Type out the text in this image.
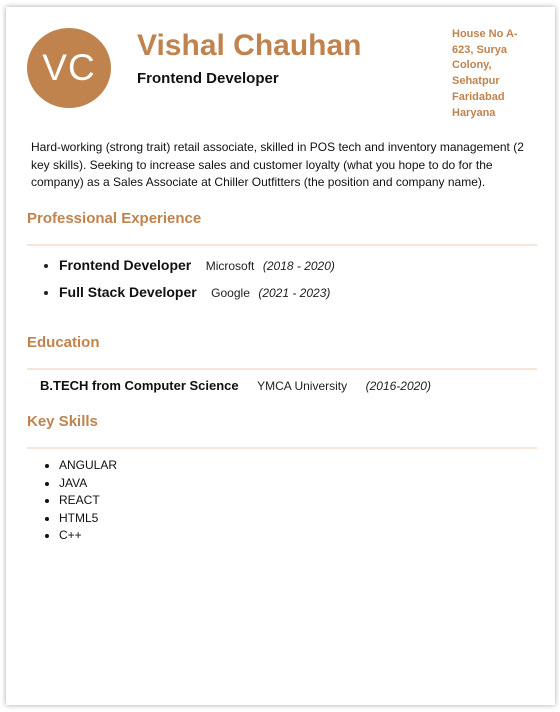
VC
Vishal Chauhan
Frontend Developer
House No A-
623, Surya
Colony,
Sehatpur
Faridabad
Haryana
Hard-working (strong trait) retail associate, skilled in POS tech and inventory management (2 key skills). Seeking to increase sales and customer loyalty (what you hope to do for the company) as a Sales Associate at Chiller Outfitters (the position and company name).
Professional Experience
• Frontend Developer Microsoft (2018 - 2020)
• Full Stack Developer Google (2021 - 2023)
Education
B.TECH from Computer Science YMCA University (2016-2020)
Key Skills
• ANGULAR
• JAVA
• REACT
• HTML5
• C++
